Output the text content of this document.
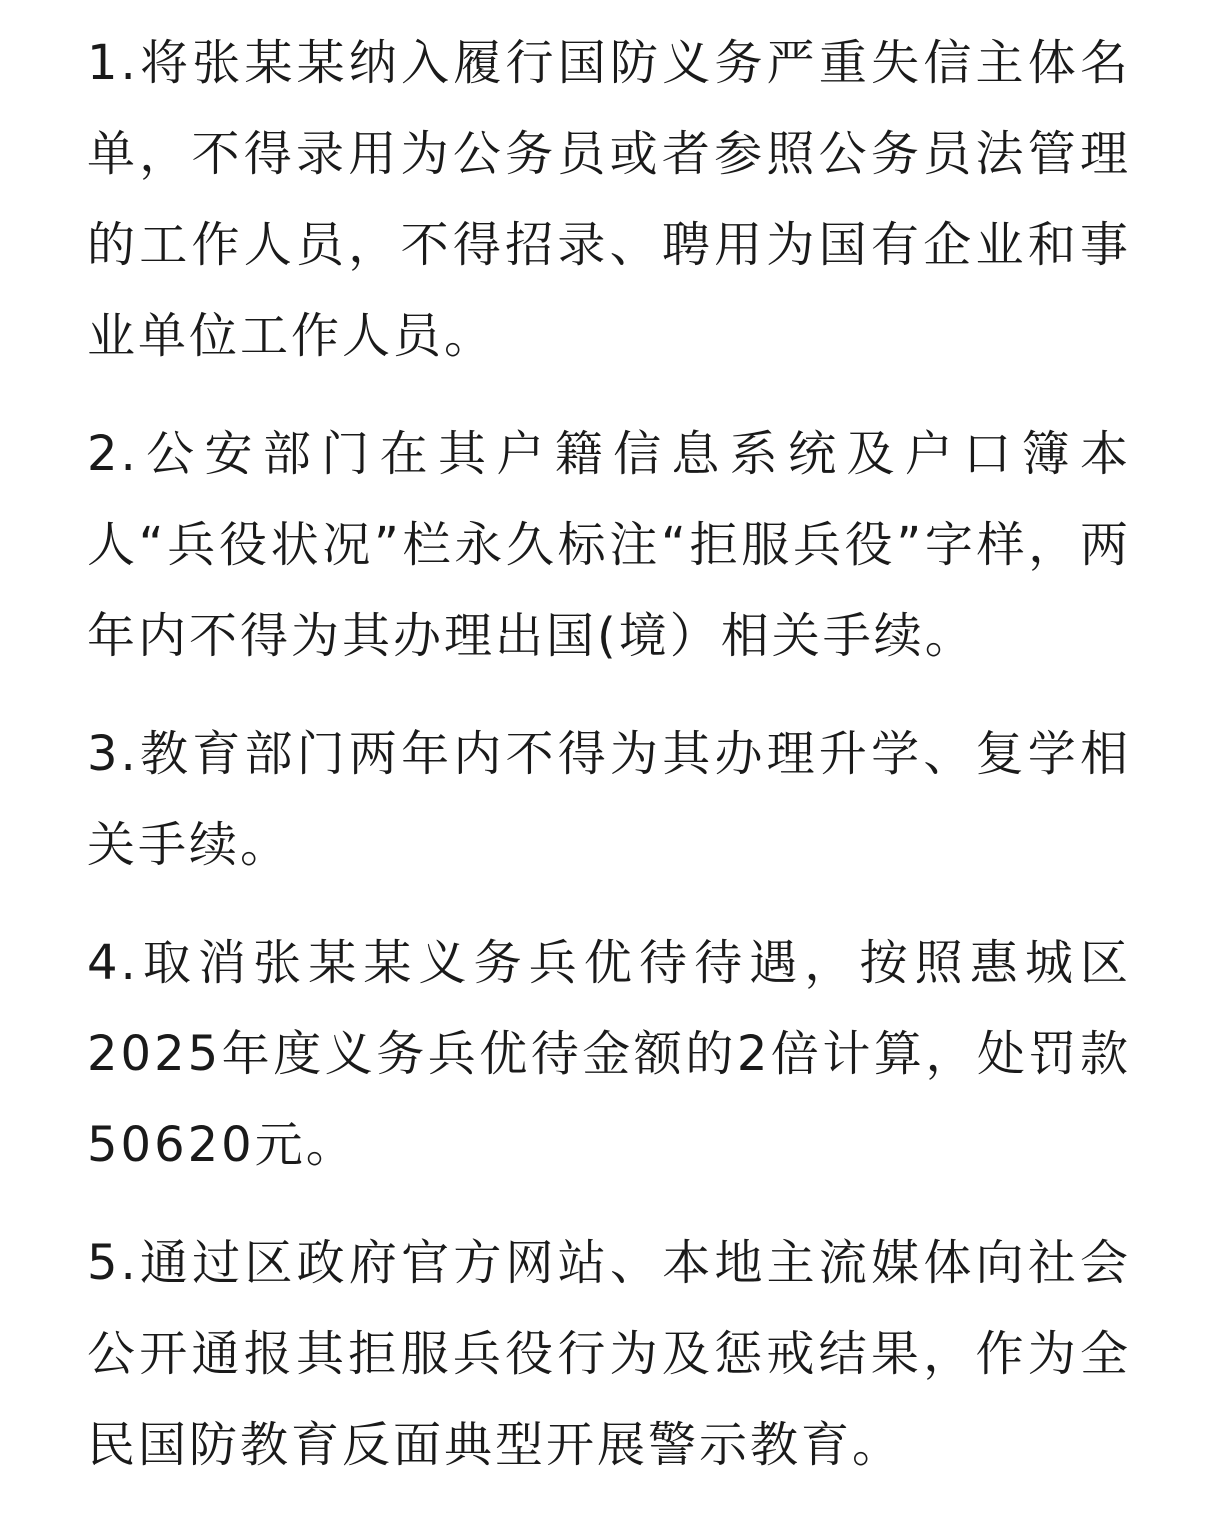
1.将张某某纳入履行国防义务严重失信主体名单，不得录用为公务员或者参照公务员法管理的工作人员，不得招录、聘用为国有企业和事业单位工作人员。

2.公安部门在其户籍信息系统及户口簿本人“兵役状况”栏永久标注“拒服兵役”字样，两年内不得为其办理出国(境）相关手续。

3.教育部门两年内不得为其办理升学、复学相关手续。

4.取消张某某义务兵优待待遇，按照惠城区2025年度义务兵优待金额的2倍计算，处罚款50620元。

5.通过区政府官方网站、本地主流媒体向社会公开通报其拒服兵役行为及惩戒结果，作为全民国防教育反面典型开展警示教育。
